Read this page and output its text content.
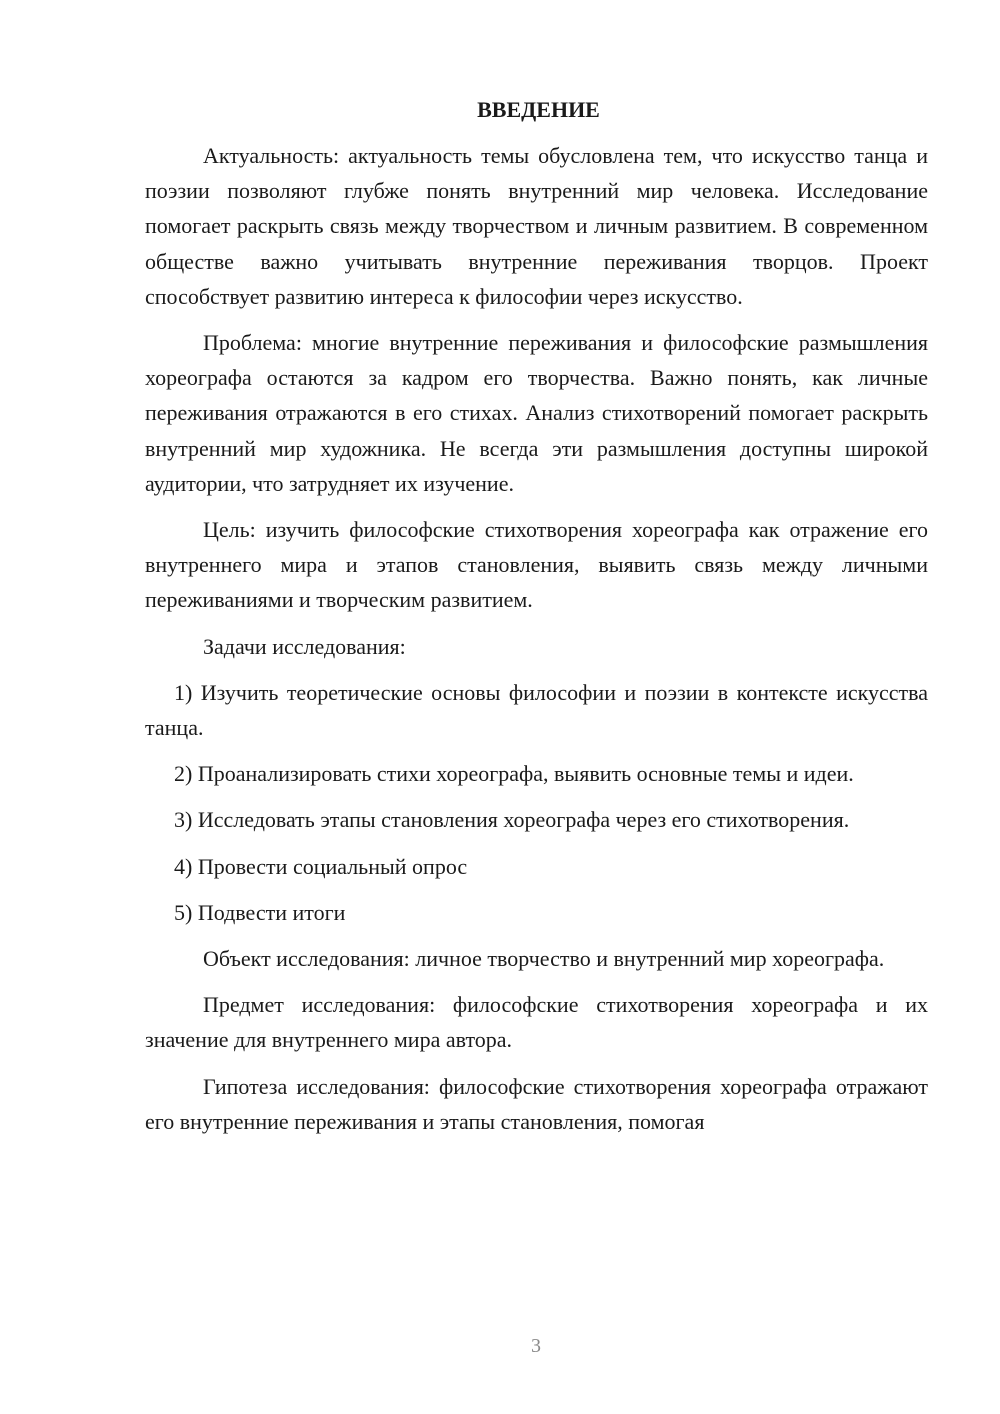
ВВЕДЕНИЕ

Актуальность: актуальность темы обусловлена тем, что искусство танца и поэзии позволяют глубже понять внутренний мир человека. Исследование помогает раскрыть связь между творчеством и личным развитием. В современном обществе важно учитывать внутренние переживания творцов. Проект способствует развитию интереса к философии через искусство.

Проблема: многие внутренние переживания и философские размышления хореографа остаются за кадром его творчества. Важно понять, как личные переживания отражаются в его стихах. Анализ стихотворений помогает раскрыть внутренний мир художника. Не всегда эти размышления доступны широкой аудитории, что затрудняет их изучение.

Цель: изучить философские стихотворения хореографа как отражение его внутреннего мира и этапов становления, выявить связь между личными переживаниями и творческим развитием.

Задачи исследования:

1) Изучить теоретические основы философии и поэзии в контексте искусства танца.

2) Проанализировать стихи хореографа, выявить основные темы и идеи.

3) Исследовать этапы становления хореографа через его стихотворения.

4) Провести социальный опрос

5) Подвести итоги

Объект исследования: личное творчество и внутренний мир хореографа.

Предмет исследования: философские стихотворения хореографа и их значение для внутреннего мира автора.

Гипотеза исследования: философские стихотворения хореографа отражают его внутренние переживания и этапы становления, помогая

3
